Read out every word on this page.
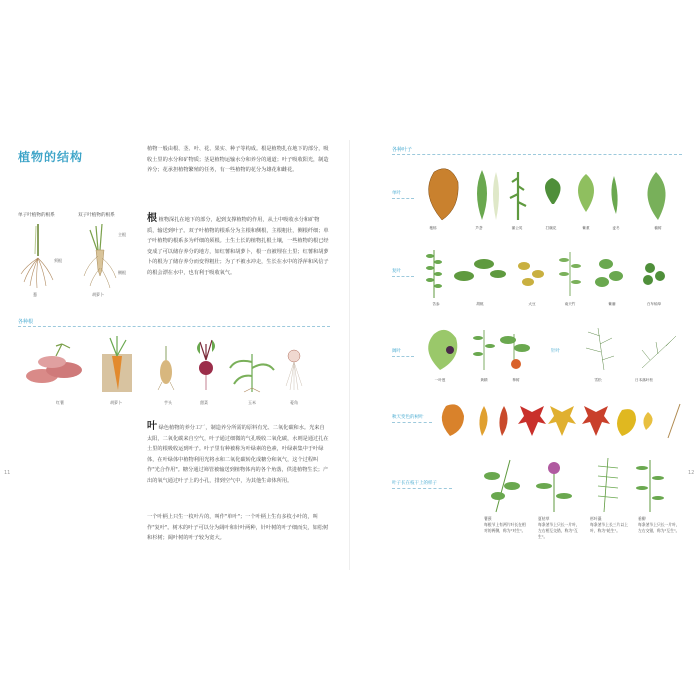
植物的结构

植物一般由根、茎、叶、花、果实、种子等构成。根是植物扎在地下的部分，吸收土里的水分和矿物质；茎是植物运输水分和养分的通道；叶子吸收阳光，制造养分；花承担植物繁殖的任务，有一些植物的花分为雄花和雌花。

单子叶植物的根系	双子叶植物的根系
葱
须根
胡萝卜
主根
侧根

根 植物深扎在地下的部分，起到支撑植物的作用，从土中吸收水分和矿物质，输送到叶子。双子叶植物的根系分为主根和侧根，主根粗壮，侧根纤细；单子叶植物的根系多为纤细的须根。土生土长的植物扎根土壤，一些植物的根已经变成了可以储存养分的地方，如红薯和胡萝卜，根一直被埋在土里；红薯和胡萝卜的根为了储存养分而变得粗壮；为了不被水冲走，生长在水中的浮萍和风信子的根会漂在水中，也有利于吸收氧气。

各种根
红薯	胡萝卜	芋头	甜菜	玉米	菱角

叶 绿色植物的养分工厂，制造养分所需的原料有光、二氧化碳和水。光来自太阳，二氧化碳来自空气，叶子通过细微的气孔吸收二氧化碳，水则是通过扎在土里的根吸收运到叶子。叶子里有种被称为叶绿素的色素，叶绿素集中于叶绿体，在叶绿体中植物利用光将水和二氧化碳转化成糖分和氧气，这个过程叫作"光合作用"。糖分通过筛管被输送到植物体内的各个角落，供进植物生长；产出的氧气通过叶子上的小孔，排到空气中，为其他生命体所用。

一个叶柄上只生一枚叶片的，叫作"单叶"；一个叶柄上生有多枚小叶的，叫作"复叶"。树木的叶子可以分为阔叶和针叶两种，针叶树的叶子细而尖，如松树和杉树；阔叶树的叶子较为宽大。

11
各种叶子
单叶
枹栎	芦荟	蒲公英	打碗花	紫堇	麦冬	榆树
复叶
苦参	胡桃	大豆	南天竹	紫藤	白车轴草
阔叶	针叶
一叶莲	黄精	柿树	雪松	日本落叶松
秋天变色的树叶
叶子长在枝干上的样子
薯蓣
每根节上有两片叶长在相对的两侧，称为"对生"。
夏枯草
每条茎节上只长一片叶，左右相互交错，称为"互生"。
杉叶藻
每条茎节上长三片以上叶，称为"轮生"。
垂柳
每条茎节上只长一片叶，左右交错，称为"互生"。
12
